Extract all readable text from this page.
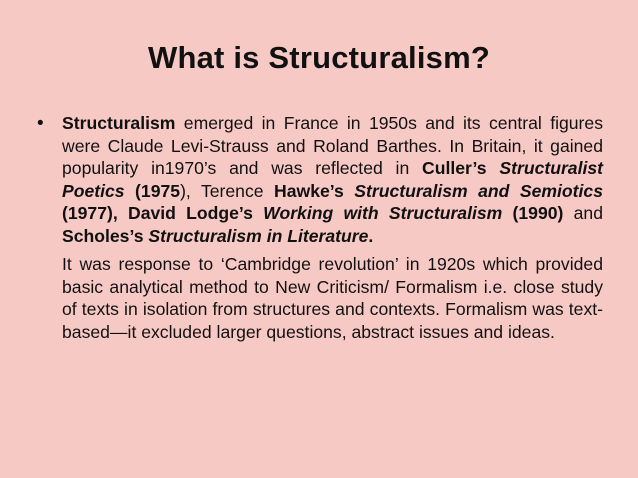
What is Structuralism?
• Structuralism emerged in France in 1950s and its central figures were Claude Levi-Strauss and Roland Barthes. In Britain, it gained popularity in1970’s and was reflected in Culler’s Structuralist Poetics (1975), Terence Hawke’s Structuralism and Semiotics (1977), David Lodge’s Working with Structuralism (1990) and Scholes’s Structuralism in Literature.

It was response to ‘Cambridge revolution’ in 1920s which provided basic analytical method to New Criticism/ Formalism i.e. close study of texts in isolation from structures and contexts. Formalism was text-based—it excluded larger questions, abstract issues and ideas.
